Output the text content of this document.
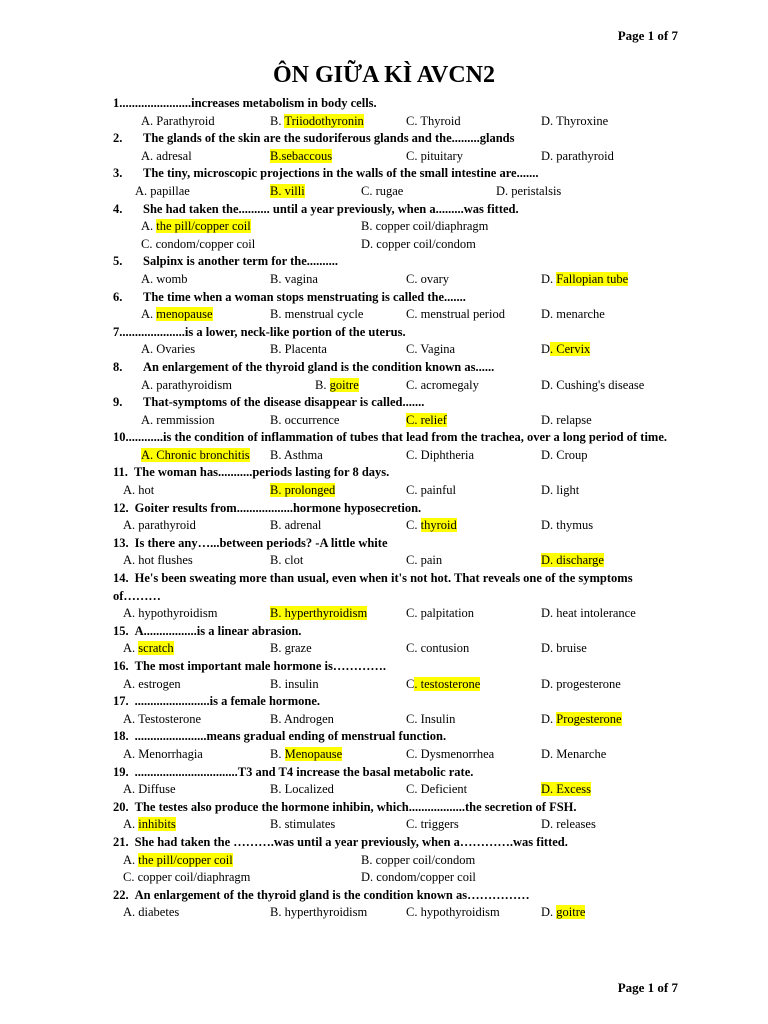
Page 1 of 7
ÔN GIỮA KÌ AVCN2
1.......................increases metabolism in body cells.
A. Parathyroid	B. Triiodothyronin	C. Thyroid	D. Thyroxine
2. The glands of the skin are the sudoriferous glands and the.........glands
A. adresal	B.sebaccous	C. pituitary	D. parathyroid
3. The tiny, microscopic projections in the walls of the small intestine are.......
A. papillae	B. villi	C. rugae	D. peristalsis
4. She had taken the.......... until a year previously, when a.........was fitted.
A. the pill/copper coil	B. copper coil/diaphragm
C. condom/copper coil	D. copper coil/condom
5. Salpinx is another term for the..........
A. womb	B. vagina	C. ovary	D. Fallopian tube
6. The time when a woman stops menstruating is called the.......
A. menopause	B. menstrual cycle	C. menstrual period	D. menarche
7.....................is a lower, neck-like portion of the uterus.
A. Ovaries	B. Placenta	C. Vagina	D. Cervix
8. An enlargement of the thyroid gland is the condition known as......
A. parathyroidism	B. goitre	C. acromegaly	D. Cushing's disease
9. That-symptoms of the disease disappear is called.......
A. remmission	B. occurrence	C. relief	D. relapse
10............is the condition of inflammation of tubes that lead from the trachea, over a long period of time.
A. Chronic bronchitis B. Asthma	C. Diphtheria	D. Croup
11. The woman has...........periods lasting for 8 days.
A. hot	B. prolonged	C. painful	D. light
12. Goiter results from..................hormone hyposecretion.
A. parathyroid	B. adrenal	C. thyroid	D. thymus
13. Is there any…...between periods? -A little white
A. hot flushes	B. clot	C. pain	D. discharge
14. He's been sweating more than usual, even when it's not hot. That reveals one of the symptoms of………
A. hypothyroidism	B. hyperthyroidism	C. palpitation	D. heat intolerance
15. A.................is a linear abrasion.
A. scratch	B. graze	C. contusion	D. bruise
16. The most important male hormone is………….
A. estrogen	B. insulin	C. testosterone	D. progesterone
17. ........................is a female hormone.
A. Testosterone	B. Androgen	C. Insulin	D. Progesterone
18. .......................means gradual ending of menstrual function.
A. Menorrhagia	B. Menopause	C. Dysmenorrhea	D. Menarche
19. .................................T3 and T4 increase the basal metabolic rate.
A. Diffuse	B. Localized	C. Deficient	D. Excess
20. The testes also produce the hormone inhibin, which..................the secretion of FSH.
A. inhibits	B. stimulates	C. triggers	D. releases
21. She had taken the ……….was until a year previously, when a………….was fitted.
A. the pill/copper coil	B. copper coil/condom
C. copper coil/diaphragm	D. condom/copper coil
22. An enlargement of the thyroid gland is the condition known as……………
A. diabetes	B. hyperthyroidism	C. hypothyroidism	D. goitre
Page 1 of 7
